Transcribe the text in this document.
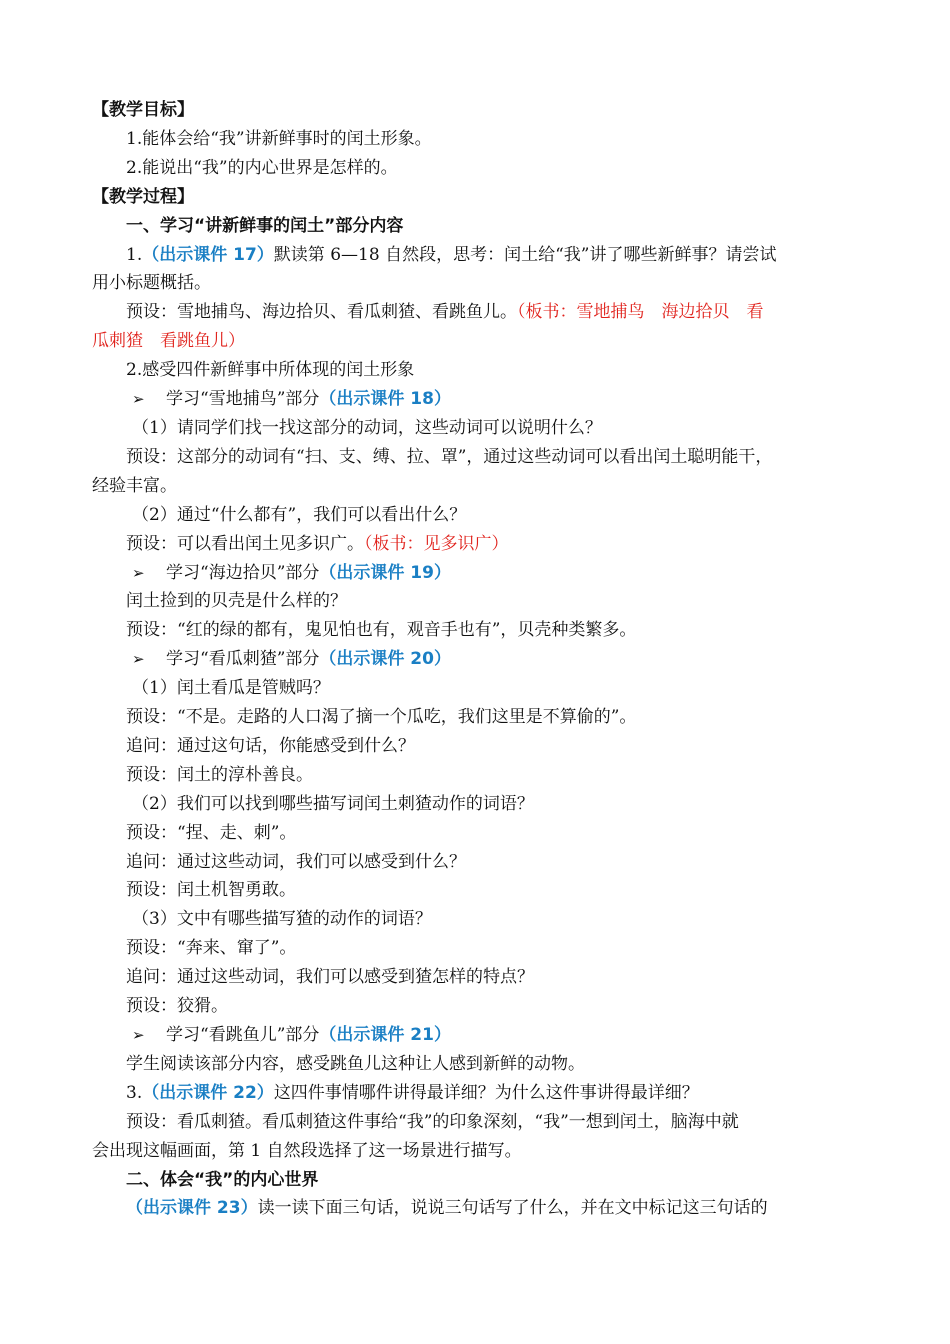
【教学目标】
1.能体会给“我”讲新鲜事时的闰土形象。
2.能说出“我”的内心世界是怎样的。
【教学过程】
一、学习“讲新鲜事的闰土”部分内容
1.（出示课件 17）默读第 6—18 自然段，思考：闰土给“我”讲了哪些新鲜事？请尝试
用小标题概括。
预设：雪地捕鸟、海边拾贝、看瓜刺猹、看跳鱼儿。（板书：雪地捕鸟　海边拾贝　看
瓜刺猹　看跳鱼儿）
2.感受四件新鲜事中所体现的闰土形象
➢ 学习“雪地捕鸟”部分（出示课件 18）
（1）请同学们找一找这部分的动词，这些动词可以说明什么？
预设：这部分的动词有“扫、支、缚、拉、罩”，通过这些动词可以看出闰土聪明能干，
经验丰富。
（2）通过“什么都有”，我们可以看出什么？
预设：可以看出闰土见多识广。（板书：见多识广）
➢ 学习“海边拾贝”部分（出示课件 19）
闰土捡到的贝壳是什么样的？
预设：“红的绿的都有，鬼见怕也有，观音手也有”，贝壳种类繁多。
➢ 学习“看瓜刺猹”部分（出示课件 20）
（1）闰土看瓜是管贼吗？
预设：“不是。走路的人口渴了摘一个瓜吃，我们这里是不算偷的”。
追问：通过这句话，你能感受到什么？
预设：闰土的淳朴善良。
（2）我们可以找到哪些描写词闰土刺猹动作的词语？
预设：“捏、走、刺”。
追问：通过这些动词，我们可以感受到什么？
预设：闰土机智勇敢。
（3）文中有哪些描写猹的动作的词语？
预设：“奔来、窜了”。
追问：通过这些动词，我们可以感受到猹怎样的特点？
预设：狡猾。
➢ 学习“看跳鱼儿”部分（出示课件 21）
学生阅读该部分内容，感受跳鱼儿这种让人感到新鲜的动物。
3.（出示课件 22）这四件事情哪件讲得最详细？为什么这件事讲得最详细？
预设：看瓜刺猹。看瓜刺猹这件事给“我”的印象深刻，“我”一想到闰土，脑海中就
会出现这幅画面，第 1 自然段选择了这一场景进行描写。
二、体会“我”的内心世界
（出示课件 23）读一读下面三句话，说说三句话写了什么，并在文中标记这三句话的
